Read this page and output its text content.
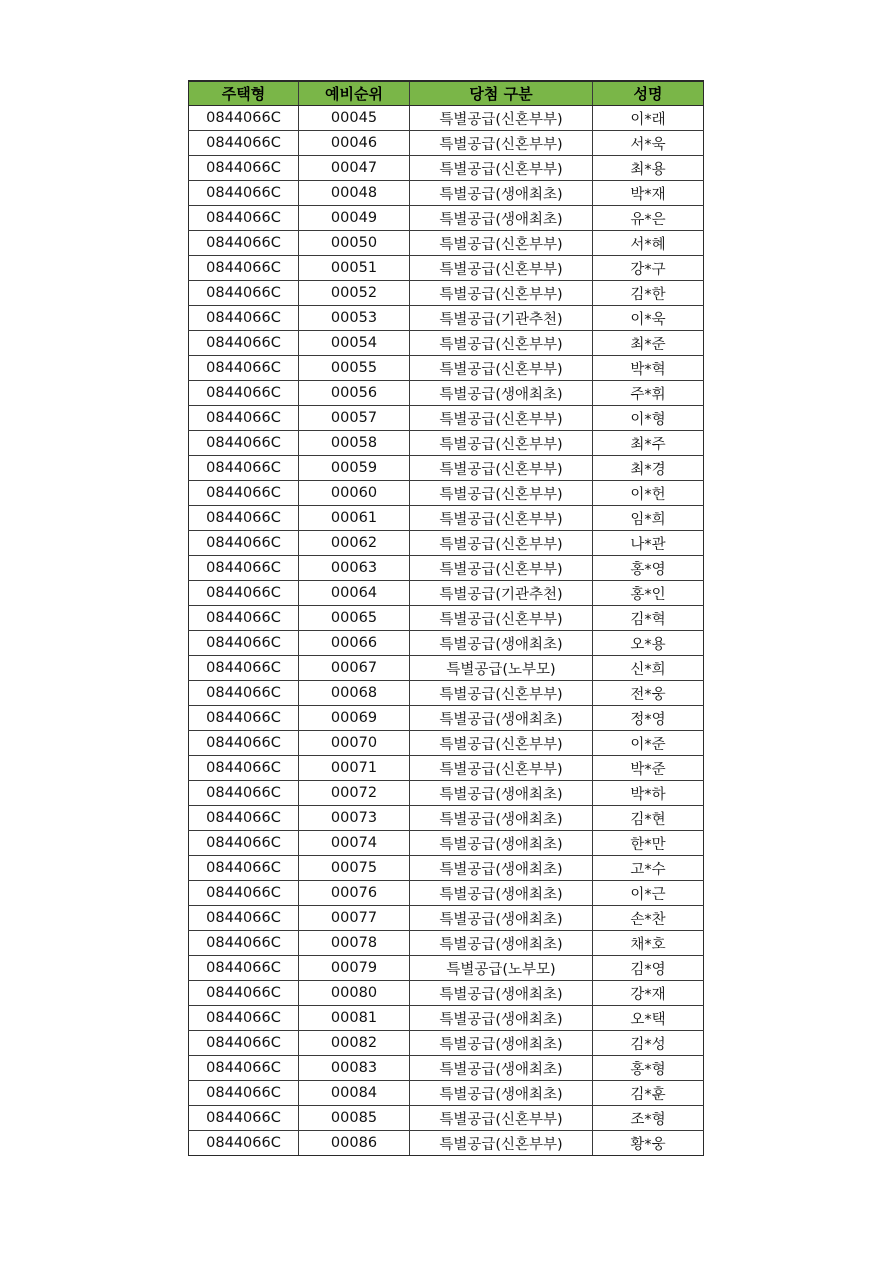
주택형	예비순위	당첨 구분	성명
0844066C	00045	특별공급(신혼부부)	이*래
0844066C	00046	특별공급(신혼부부)	서*욱
0844066C	00047	특별공급(신혼부부)	최*용
0844066C	00048	특별공급(생애최초)	박*재
0844066C	00049	특별공급(생애최초)	유*은
0844066C	00050	특별공급(신혼부부)	서*혜
0844066C	00051	특별공급(신혼부부)	강*구
0844066C	00052	특별공급(신혼부부)	김*한
0844066C	00053	특별공급(기관추천)	이*욱
0844066C	00054	특별공급(신혼부부)	최*준
0844066C	00055	특별공급(신혼부부)	박*혁
0844066C	00056	특별공급(생애최초)	주*휘
0844066C	00057	특별공급(신혼부부)	이*형
0844066C	00058	특별공급(신혼부부)	최*주
0844066C	00059	특별공급(신혼부부)	최*경
0844066C	00060	특별공급(신혼부부)	이*헌
0844066C	00061	특별공급(신혼부부)	임*희
0844066C	00062	특별공급(신혼부부)	나*관
0844066C	00063	특별공급(신혼부부)	홍*영
0844066C	00064	특별공급(기관추천)	홍*인
0844066C	00065	특별공급(신혼부부)	김*혁
0844066C	00066	특별공급(생애최초)	오*용
0844066C	00067	특별공급(노부모)	신*희
0844066C	00068	특별공급(신혼부부)	전*웅
0844066C	00069	특별공급(생애최초)	정*영
0844066C	00070	특별공급(신혼부부)	이*준
0844066C	00071	특별공급(신혼부부)	박*준
0844066C	00072	특별공급(생애최초)	박*하
0844066C	00073	특별공급(생애최초)	김*현
0844066C	00074	특별공급(생애최초)	한*만
0844066C	00075	특별공급(생애최초)	고*수
0844066C	00076	특별공급(생애최초)	이*근
0844066C	00077	특별공급(생애최초)	손*찬
0844066C	00078	특별공급(생애최초)	채*호
0844066C	00079	특별공급(노부모)	김*영
0844066C	00080	특별공급(생애최초)	강*재
0844066C	00081	특별공급(생애최초)	오*택
0844066C	00082	특별공급(생애최초)	김*성
0844066C	00083	특별공급(생애최초)	홍*형
0844066C	00084	특별공급(생애최초)	김*훈
0844066C	00085	특별공급(신혼부부)	조*형
0844066C	00086	특별공급(신혼부부)	황*웅
